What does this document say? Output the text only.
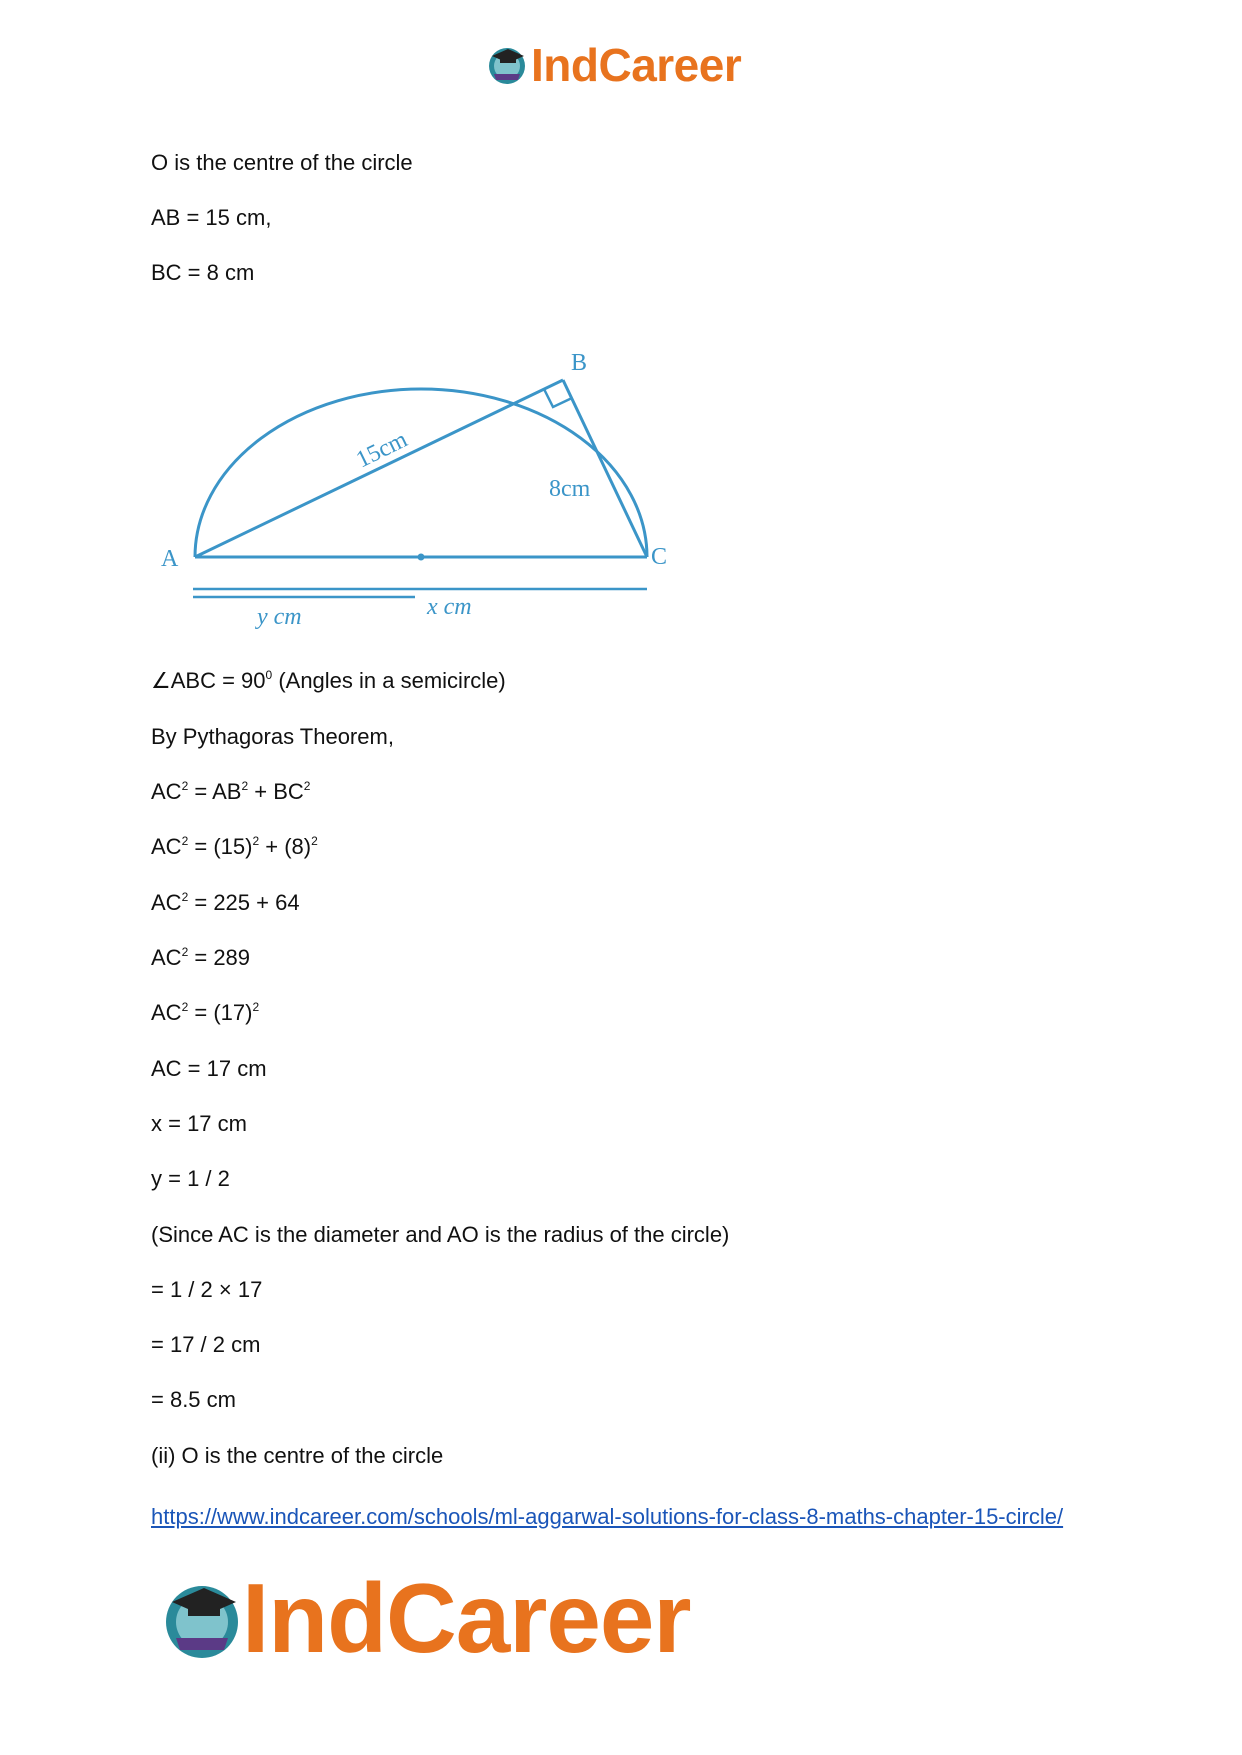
IndCareer
O is the centre of the circle
AB = 15 cm,
BC = 8 cm
A
B
C
15cm
8cm
y cm	x cm
∠ABC = $90^0$ (Angles in a semicircle)
By Pythagoras Theorem,
$AC^2 = AB^2 + BC^2$
$AC^2 = (15)^2 + (8)^2$
$AC^2 = 225 + 64$
$AC^2 = 289$
$AC^2 = (17)^2$
AC = 17 cm
x = 17 cm
y = 1 / 2
(Since AC is the diameter and AO is the radius of the circle)
= 1 / 2 × 17
= 17 / 2 cm
= 8.5 cm
(ii) O is the centre of the circle
https://www.indcareer.com/schools/ml-aggarwal-solutions-for-class-8-maths-chapter-15-circle/
IndCareer
